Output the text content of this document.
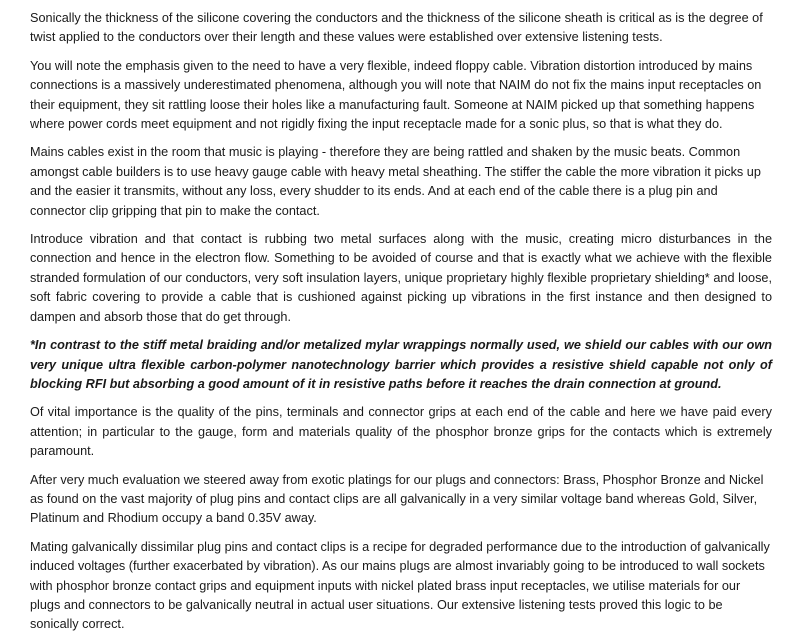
Sonically the thickness of the silicone covering the conductors and the thickness of the silicone sheath is critical as is the degree of twist applied to the conductors over their length and these values were established over extensive listening tests.

You will note the emphasis given to the need to have a very flexible, indeed floppy cable. Vibration distortion introduced by mains connections is a massively underestimated phenomena, although you will note that NAIM do not fix the mains input receptacles on their equipment, they sit rattling loose their holes like a manufacturing fault. Someone at NAIM picked up that something happens where power cords meet equipment and not rigidly fixing the input receptacle made for a sonic plus, so that is what they do.

Mains cables exist in the room that music is playing - therefore they are being rattled and shaken by the music beats. Common amongst cable builders is to use heavy gauge cable with heavy metal sheathing. The stiffer the cable the more vibration it picks up and the easier it transmits, without any loss, every shudder to its ends. And at each end of the cable there is a plug pin and connector clip gripping that pin to make the contact.

Introduce vibration and that contact is rubbing two metal surfaces along with the music, creating micro disturbances in the connection and hence in the electron flow. Something to be avoided of course and that is exactly what we achieve with the flexible stranded formulation of our conductors, very soft insulation layers, unique proprietary highly flexible proprietary shielding* and loose, soft fabric covering to provide a cable that is cushioned against picking up vibrations in the first instance and then designed to dampen and absorb those that do get through.

*In contrast to the stiff metal braiding and/or metalized mylar wrappings normally used, we shield our cables with our own very unique ultra flexible carbon-polymer nanotechnology barrier which provides a resistive shield capable not only of blocking RFI but absorbing a good amount of it in resistive paths before it reaches the drain connection at ground.

Of vital importance is the quality of the pins, terminals and connector grips at each end of the cable and here we have paid every attention; in particular to the gauge, form and materials quality of the phosphor bronze grips for the contacts which is extremely paramount.

After very much evaluation we steered away from exotic platings for our plugs and connectors: Brass, Phosphor Bronze and Nickel as found on the vast majority of plug pins and contact clips are all galvanically in a very similar voltage band whereas Gold, Silver, Platinum and Rhodium occupy a band 0.35V away.

Mating galvanically dissimilar plug pins and contact clips is a recipe for degraded performance due to the introduction of galvanically induced voltages (further exacerbated by vibration). As our mains plugs are almost invariably going to be introduced to wall sockets with phosphor bronze contact grips and equipment inputs with nickel plated brass input receptacles, we utilise materials for our plugs and connectors to be galvanically neutral in actual user situations. Our extensive listening tests proved this logic to be sonically correct.
